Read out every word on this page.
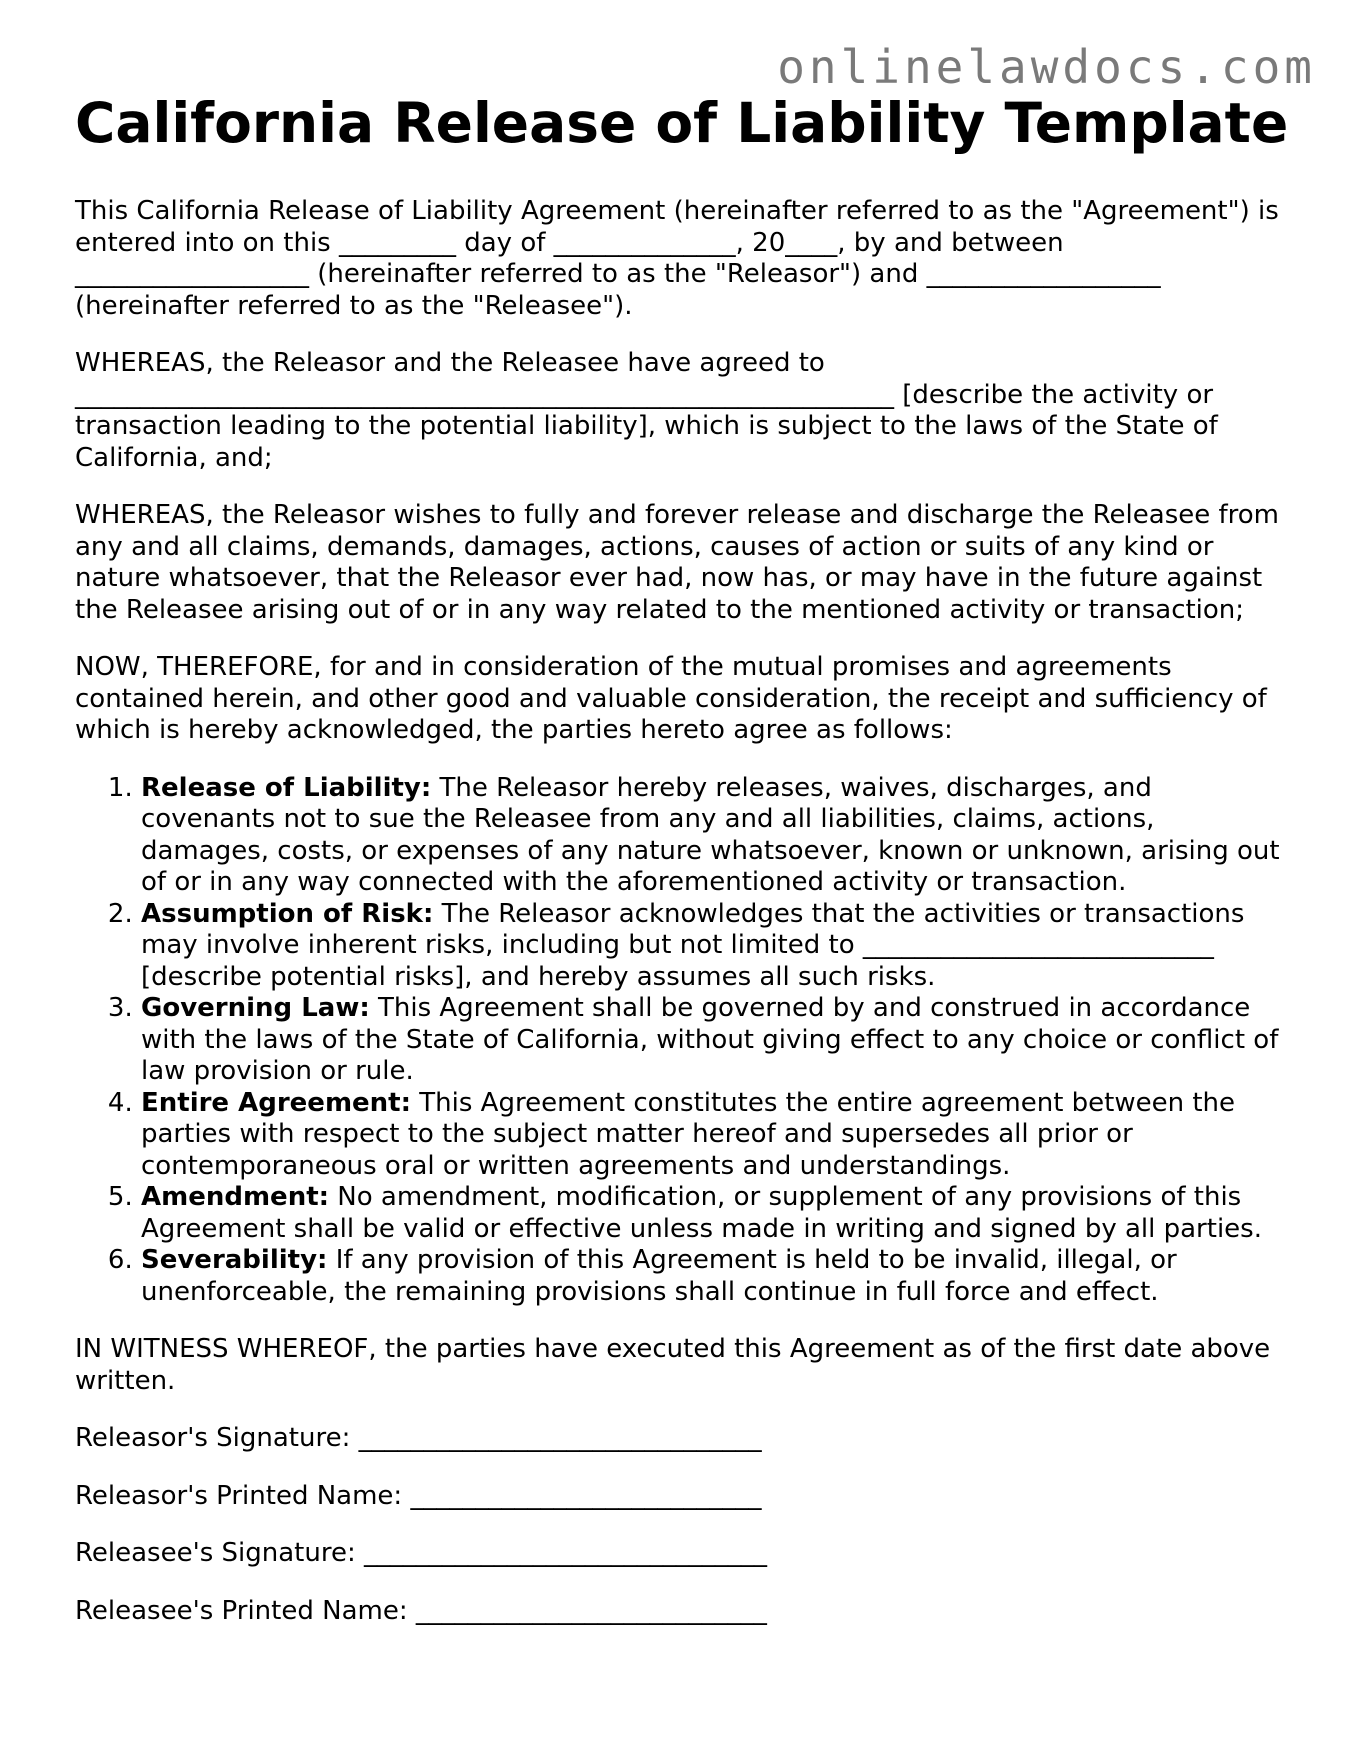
onlinelawdocs.com
California Release of Liability Template

This California Release of Liability Agreement (hereinafter referred to as the "Agreement") is entered into on this _________ day of ______________, 20____, by and between __________________ (hereinafter referred to as the "Releasor") and __________________ (hereinafter referred to as the "Releasee").

WHEREAS, the Releasor and the Releasee have agreed to _______________________________________________________________ [describe the activity or transaction leading to the potential liability], which is subject to the laws of the State of California, and;

WHEREAS, the Releasor wishes to fully and forever release and discharge the Releasee from any and all claims, demands, damages, actions, causes of action or suits of any kind or nature whatsoever, that the Releasor ever had, now has, or may have in the future against the Releasee arising out of or in any way related to the mentioned activity or transaction;

NOW, THEREFORE, for and in consideration of the mutual promises and agreements contained herein, and other good and valuable consideration, the receipt and sufficiency of which is hereby acknowledged, the parties hereto agree as follows:

1. Release of Liability: The Releasor hereby releases, waives, discharges, and covenants not to sue the Releasee from any and all liabilities, claims, actions, damages, costs, or expenses of any nature whatsoever, known or unknown, arising out of or in any way connected with the aforementioned activity or transaction.
2. Assumption of Risk: The Releasor acknowledges that the activities or transactions may involve inherent risks, including but not limited to ___________________________ [describe potential risks], and hereby assumes all such risks.
3. Governing Law: This Agreement shall be governed by and construed in accordance with the laws of the State of California, without giving effect to any choice or conflict of law provision or rule.
4. Entire Agreement: This Agreement constitutes the entire agreement between the parties with respect to the subject matter hereof and supersedes all prior or contemporaneous oral or written agreements and understandings.
5. Amendment: No amendment, modification, or supplement of any provisions of this Agreement shall be valid or effective unless made in writing and signed by all parties.
6. Severability: If any provision of this Agreement is held to be invalid, illegal, or unenforceable, the remaining provisions shall continue in full force and effect.

IN WITNESS WHEREOF, the parties have executed this Agreement as of the first date above written.

Releasor's Signature: _______________________________
Releasor's Printed Name: ___________________________
Releasee's Signature: _______________________________
Releasee's Printed Name: ___________________________
